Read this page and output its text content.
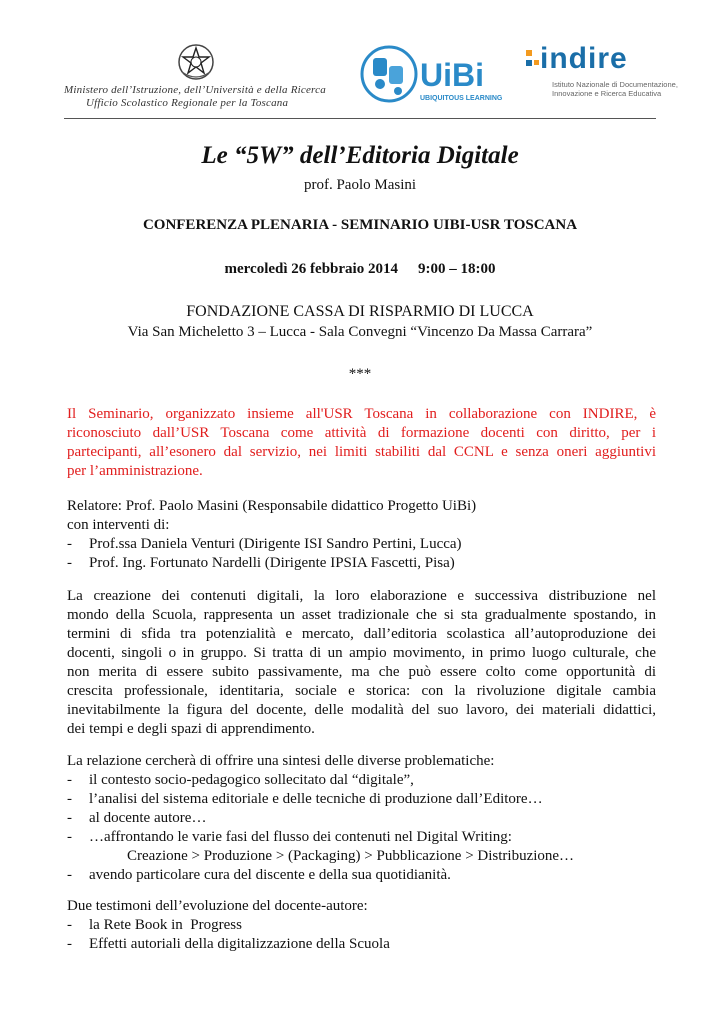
Ministero dell’Istruzione, dell’Università e della Ricerca
Ufficio Scolastico Regionale per la Toscana
UiBi
UBIQUITOUS LEARNING
indire
Istituto Nazionale di Documentazione,
Innovazione e Ricerca Educativa
Le “5W” dell’Editoria Digitale
prof. Paolo Masini
CONFERENZA PLENARIA - SEMINARIO UIBI-USR TOSCANA
mercoledì 26 febbraio 2014 9:00 – 18:00
FONDAZIONE CASSA DI RISPARMIO DI LUCCA
Via San Micheletto 3 – Lucca - Sala Convegni “Vincenzo Da Massa Carrara”
***
Il Seminario, organizzato insieme all'USR Toscana in collaborazione con INDIRE, è
riconosciuto dall’USR Toscana come attività di formazione docenti con diritto, per i
partecipanti, all’esonero dal servizio, nei limiti stabiliti dal CCNL e senza oneri aggiuntivi
per l’amministrazione.
Relatore: Prof. Paolo Masini (Responsabile didattico Progetto UiBi)
con interventi di:
- Prof.ssa Daniela Venturi (Dirigente ISI Sandro Pertini, Lucca)
- Prof. Ing. Fortunato Nardelli (Dirigente IPSIA Fascetti, Pisa)
La creazione dei contenuti digitali, la loro elaborazione e successiva distribuzione nel
mondo della Scuola, rappresenta un asset tradizionale che si sta gradualmente spostando, in
termini di sfida tra potenzialità e mercato, dall’editoria scolastica all’autoproduzione dei
docenti, singoli o in gruppo. Si tratta di un ampio movimento, in primo luogo culturale, che
non merita di essere subito passivamente, ma che può essere colto come opportunità di
crescita professionale, identitaria, sociale e storica: con la rivoluzione digitale cambia
inevitabilmente la figura del docente, delle modalità del suo lavoro, dei materiali didattici,
dei tempi e degli spazi di apprendimento.
La relazione cercherà di offrire una sintesi delle diverse problematiche:
- il contesto socio-pedagogico sollecitato dal “digitale”,
- l’analisi del sistema editoriale e delle tecniche di produzione dall’Editore…
- al docente autore…
- …affrontando le varie fasi del flusso dei contenuti nel Digital Writing:
Creazione > Produzione > (Packaging) > Pubblicazione > Distribuzione…
- avendo particolare cura del discente e della sua quotidianità.
Due testimoni dell’evoluzione del docente-autore:
- la Rete Book in  Progress
- Effetti autoriali della digitalizzazione della Scuola
